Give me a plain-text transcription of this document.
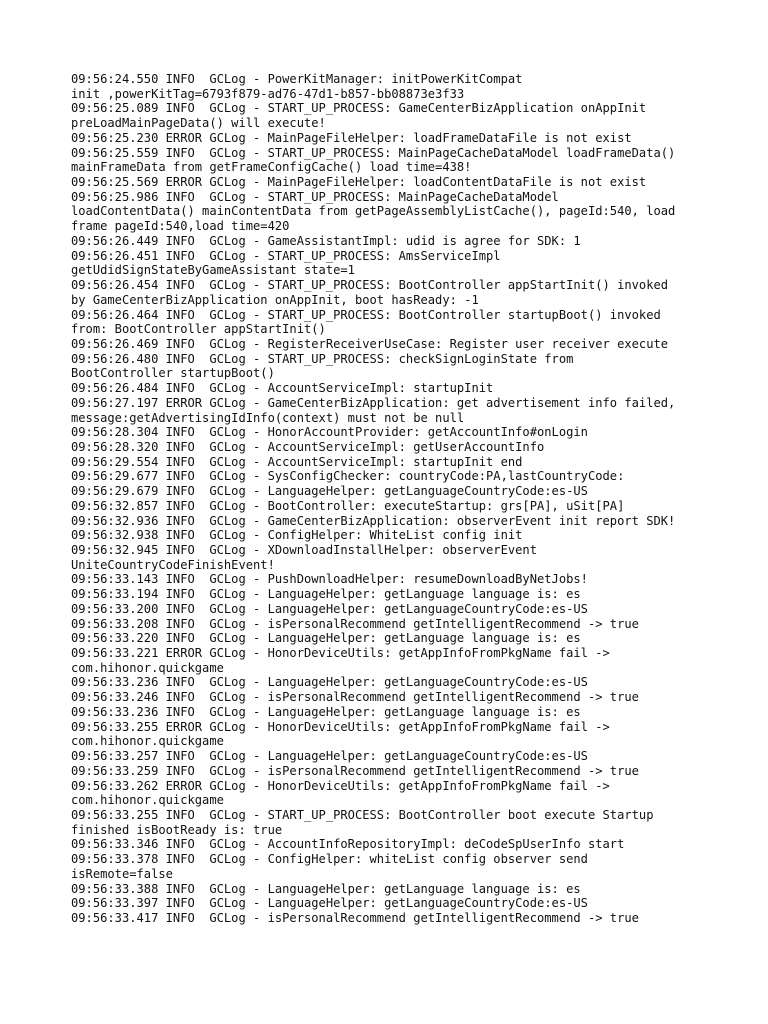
09:56:24.550 INFO  GCLog - PowerKitManager: initPowerKitCompat
init ,powerKitTag=6793f879-ad76-47d1-b857-bb08873e3f33
09:56:25.089 INFO  GCLog - START_UP_PROCESS: GameCenterBizApplication onAppInit
preLoadMainPageData() will execute!
09:56:25.230 ERROR GCLog - MainPageFileHelper: loadFrameDataFile is not exist
09:56:25.559 INFO  GCLog - START_UP_PROCESS: MainPageCacheDataModel loadFrameData()
mainFrameData from getFrameConfigCache() load time=438!
09:56:25.569 ERROR GCLog - MainPageFileHelper: loadContentDataFile is not exist
09:56:25.986 INFO  GCLog - START_UP_PROCESS: MainPageCacheDataModel
loadContentData() mainContentData from getPageAssemblyListCache(), pageId:540, load
frame pageId:540,load time=420
09:56:26.449 INFO  GCLog - GameAssistantImpl: udid is agree for SDK: 1
09:56:26.451 INFO  GCLog - START_UP_PROCESS: AmsServiceImpl
getUdidSignStateByGameAssistant state=1
09:56:26.454 INFO  GCLog - START_UP_PROCESS: BootController appStartInit() invoked
by GameCenterBizApplication onAppInit, boot hasReady: -1
09:56:26.464 INFO  GCLog - START_UP_PROCESS: BootController startupBoot() invoked
from: BootController appStartInit()
09:56:26.469 INFO  GCLog - RegisterReceiverUseCase: Register user receiver execute
09:56:26.480 INFO  GCLog - START_UP_PROCESS: checkSignLoginState from
BootController startupBoot()
09:56:26.484 INFO  GCLog - AccountServiceImpl: startupInit
09:56:27.197 ERROR GCLog - GameCenterBizApplication: get advertisement info failed,
message:getAdvertisingIdInfo(context) must not be null
09:56:28.304 INFO  GCLog - HonorAccountProvider: getAccountInfo#onLogin
09:56:28.320 INFO  GCLog - AccountServiceImpl: getUserAccountInfo
09:56:29.554 INFO  GCLog - AccountServiceImpl: startupInit end
09:56:29.677 INFO  GCLog - SysConfigChecker: countryCode:PA,lastCountryCode:
09:56:29.679 INFO  GCLog - LanguageHelper: getLanguageCountryCode:es-US
09:56:32.857 INFO  GCLog - BootController: executeStartup: grs[PA], uSit[PA]
09:56:32.936 INFO  GCLog - GameCenterBizApplication: observerEvent init report SDK!
09:56:32.938 INFO  GCLog - ConfigHelper: WhiteList config init
09:56:32.945 INFO  GCLog - XDownloadInstallHelper: observerEvent
UniteCountryCodeFinishEvent!
09:56:33.143 INFO  GCLog - PushDownloadHelper: resumeDownloadByNetJobs!
09:56:33.194 INFO  GCLog - LanguageHelper: getLanguage language is: es
09:56:33.200 INFO  GCLog - LanguageHelper: getLanguageCountryCode:es-US
09:56:33.208 INFO  GCLog - isPersonalRecommend getIntelligentRecommend -> true
09:56:33.220 INFO  GCLog - LanguageHelper: getLanguage language is: es
09:56:33.221 ERROR GCLog - HonorDeviceUtils: getAppInfoFromPkgName fail ->
com.hihonor.quickgame
09:56:33.236 INFO  GCLog - LanguageHelper: getLanguageCountryCode:es-US
09:56:33.246 INFO  GCLog - isPersonalRecommend getIntelligentRecommend -> true
09:56:33.236 INFO  GCLog - LanguageHelper: getLanguage language is: es
09:56:33.255 ERROR GCLog - HonorDeviceUtils: getAppInfoFromPkgName fail ->
com.hihonor.quickgame
09:56:33.257 INFO  GCLog - LanguageHelper: getLanguageCountryCode:es-US
09:56:33.259 INFO  GCLog - isPersonalRecommend getIntelligentRecommend -> true
09:56:33.262 ERROR GCLog - HonorDeviceUtils: getAppInfoFromPkgName fail ->
com.hihonor.quickgame
09:56:33.255 INFO  GCLog - START_UP_PROCESS: BootController boot execute Startup
finished isBootReady is: true
09:56:33.346 INFO  GCLog - AccountInfoRepositoryImpl: deCodeSpUserInfo start
09:56:33.378 INFO  GCLog - ConfigHelper: whiteList config observer send
isRemote=false
09:56:33.388 INFO  GCLog - LanguageHelper: getLanguage language is: es
09:56:33.397 INFO  GCLog - LanguageHelper: getLanguageCountryCode:es-US
09:56:33.417 INFO  GCLog - isPersonalRecommend getIntelligentRecommend -> true
